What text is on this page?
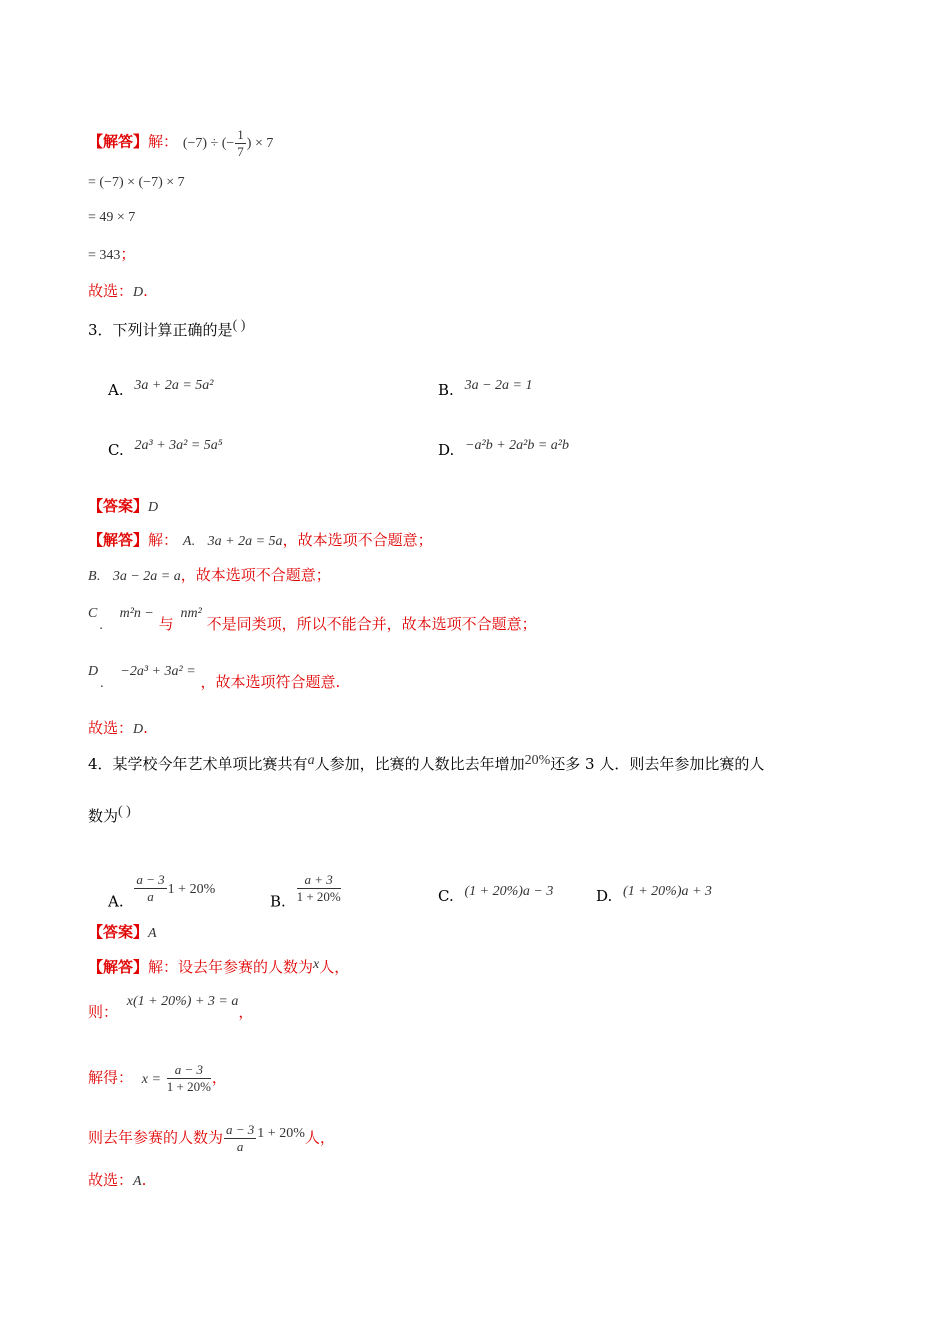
【解答】解： (−7) ÷ (− $\frac{1}{7}$ ) × 7
= (−7) × (−7) × 7
= 49 × 7
= 343；
故选：D.
3．下列计算正确的是( )
A. 3a + 2a = 5a²	B. 3a − 2a = 1
C. 2a³ + 3a² = 5a⁵	D. −a²b + 2a²b = a²b
【答案】D
【解答】解： A. 3a + 2a = 5a，故本选项不合题意；
B. 3a − 2a = a，故本选项不合题意；
C. m²n − 与 nm² 不是同类项，所以不能合并，故本选项不合题意；
D. −2a³ + 3a² = ，故本选项符合题意.
故选：D.
4．某学校今年艺术单项比赛共有a人参加，比赛的人数比去年增加20%还多 3 人．则去年参加比赛的人
数为( )
A. $\frac{a - 3}{a} 1 + 20\%$
B. $\frac{a + 3}{1 + 20\%}$	C. (1 + 20%)a − 3	D. (1 + 20%)a + 3
【答案】A
【解答】解：设去年参赛的人数为x人，
则： x(1 + 20%) + 3 = a，
解得： $x = \frac{a - 3}{1 + 20\%}$ ，
则去年参赛的人数为 $\frac{a - 3}{a} 1 + 20\%$人，
故选：A.
